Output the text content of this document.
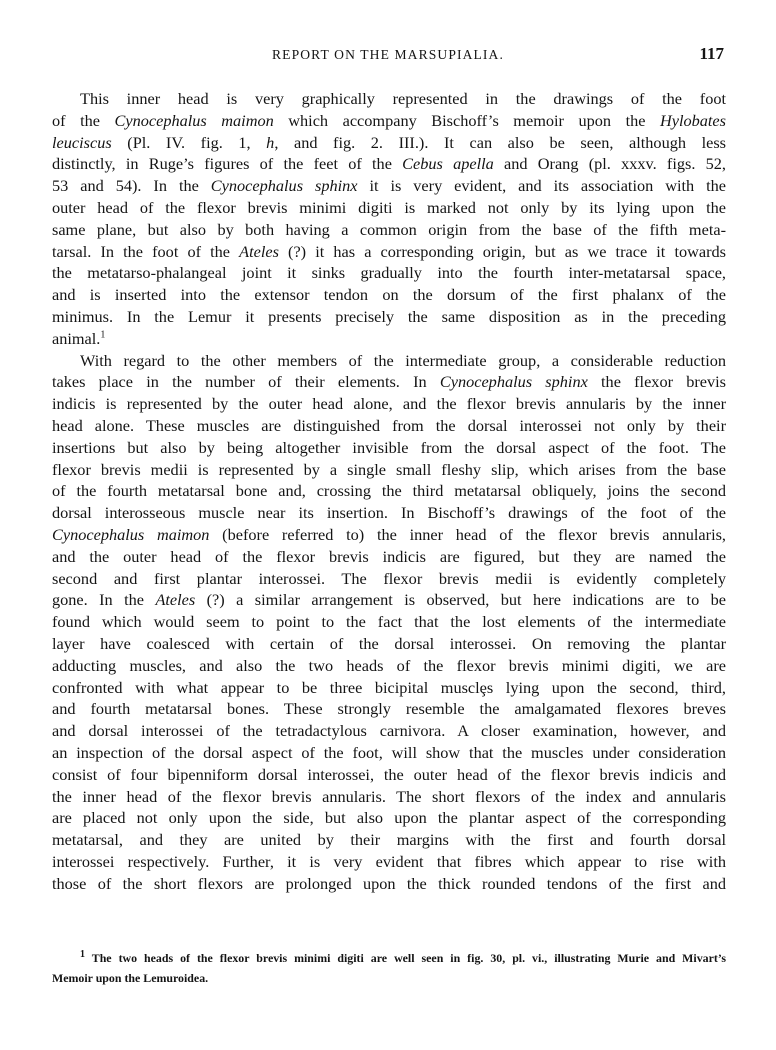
REPORT ON THE MARSUPIALIA.	117
This inner head is very graphically represented in the drawings of the foot
of the Cynocephalus maimon which accompany Bischoff’s memoir upon the Hylobates
leuciscus (Pl. IV. fig. 1, h, and fig. 2. III.). It can also be seen, although less
distinctly, in Ruge’s figures of the feet of the Cebus apella and Orang (pl. xxxv. figs. 52,
53 and 54). In the Cynocephalus sphinx it is very evident, and its association with the
outer head of the flexor brevis minimi digiti is marked not only by its lying upon the
same plane, but also by both having a common origin from the base of the fifth meta-
tarsal. In the foot of the Ateles (?) it has a corresponding origin, but as we trace it towards
the metatarso-phalangeal joint it sinks gradually into the fourth inter-metatarsal space,
and is inserted into the extensor tendon on the dorsum of the first phalanx of the
minimus. In the Lemur it presents precisely the same disposition as in the preceding
animal.$^1$
With regard to the other members of the intermediate group, a considerable reduction
takes place in the number of their elements. In Cynocephalus sphinx the flexor brevis
indicis is represented by the outer head alone, and the flexor brevis annularis by the inner
head alone. These muscles are distinguished from the dorsal interossei not only by their
insertions but also by being altogether invisible from the dorsal aspect of the foot. The
flexor brevis medii is represented by a single small fleshy slip, which arises from the base
of the fourth metatarsal bone and, crossing the third metatarsal obliquely, joins the second
dorsal interosseous muscle near its insertion. In Bischoff’s drawings of the foot of the
Cynocephalus maimon (before referred to) the inner head of the flexor brevis annularis,
and the outer head of the flexor brevis indicis are figured, but they are named the
second and first plantar interossei. The flexor brevis medii is evidently completely
gone. In the Ateles (?) a similar arrangement is observed, but here indications are to be
found which would seem to point to the fact that the lost elements of the intermediate
layer have coalesced with certain of the dorsal interossei. On removing the plantar
adducting muscles, and also the two heads of the flexor brevis minimi digiti, we are
confronted with what appear to be three bicipital musclȩs lying upon the second, third,
and fourth metatarsal bones. These strongly resemble the amalgamated flexores breves
and dorsal interossei of the tetradactylous carnivora. A closer examination, however, and
an inspection of the dorsal aspect of the foot, will show that the muscles under consideration
consist of four bipenniform dorsal interossei, the outer head of the flexor brevis indicis and
the inner head of the flexor brevis annularis. The short flexors of the index and annularis
are placed not only upon the side, but also upon the plantar aspect of the corresponding
metatarsal, and they are united by their margins with the first and fourth dorsal
interossei respectively. Further, it is very evident that fibres which appear to rise with
those of the short flexors are prolonged upon the thick rounded tendons of the first and
$^1$ The two heads of the flexor brevis minimi digiti are well seen in fig. 30, pl. vi., illustrating Murie and Mivart’s
Memoir upon the Lemuroidea.
